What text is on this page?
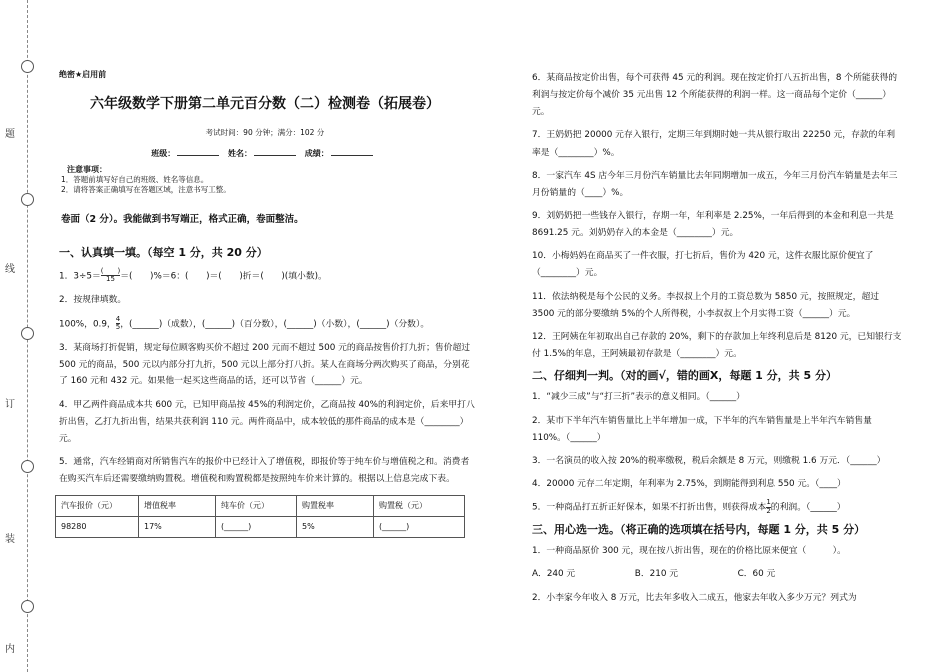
题
线
订
装
内
绝密★启用前
六年级数学下册第二单元百分数（二）检测卷（拓展卷）
考试时间：90 分钟；满分：102 分
班级：	姓名：	成绩：
注意事项：
1．答题前填写好自己的班级、姓名等信息。
2．请将答案正确填写在答题区域，注意书写工整。
卷面（2 分）。我能做到书写端正，格式正确，卷面整洁。
一、认真填一填。（每空 1 分，共 20 分）
1．$3\div 5= \frac{( )}{15}$ ＝(　　)%＝6：(　　)＝(　　)折＝(　　)(填小数)。
2．按规律填数。
100%，0.9， $\frac{4}{5}$ ，(______)（成数），(______)（百分数），(______)（小数），(______)（分数）。
3．某商场打折促销，规定每位顾客购买价不超过 200 元而不超过 500 元的商品按售价打九折；售价超过 500 元的商品，500 元以内部分打九折，500 元以上部分打八折。某人在商场分两次购买了商品，分别花了 160 元和 432 元。如果他一起买这些商品的话，还可以节省（______）元。
4．甲乙两件商品成本共 600 元，已知甲商品按 45%的利润定价，乙商品按 40%的利润定价，后来甲打八折出售，乙打九折出售，结果共获利润 110 元。两件商品中，成本较低的那件商品的成本是（________）元。
5．通常，汽车经销商对所销售汽车的报价中已经计入了增值税，即报价等于纯车价与增值税之和。消费者在购买汽车后还需要缴纳购置税。增值税和购置税都是按照纯车价来计算的。根据以上信息完成下表。
汽车报价（元）	增值税率	纯车价（元）	购置税率	购置税（元）
98280	17%	(______)	5%	(______)
6．某商品按定价出售，每个可获得 45 元的利润。现在按定价打八五折出售，8 个所能获得的利润与按定价每个减价 35 元出售 12 个所能获得的利润一样。这一商品每个定价（______）元。
7．王奶奶把 20000 元存入银行，定期三年到期时她一共从银行取出 22250 元，存款的年利率是（________）%。
8．一家汽车 4S 店今年三月份汽车销量比去年同期增加一成五，今年三月份汽车销量是去年三月份销量的（____）%。
9．刘奶奶把一些钱存入银行，存期一年，年利率是 2.25%，一年后得到的本金和利息一共是 8691.25 元。刘奶奶存入的本金是（________）元。
10．小梅妈妈在商品买了一件衣服，打七折后，售价为 420 元，这件衣服比原价便宜了（________）元。
11．依法纳税是每个公民的义务。李叔叔上个月的工资总数为 5850 元，按照规定，超过 3500 元的部分要缴纳 5%的个人所得税，小李叔叔上个月实得工资（______）元。
12．王阿姨在年初取出自己存款的 20%，剩下的存款加上年终利息后是 8120 元，已知银行支付 1.5%的年息，王阿姨最初存款是（________）元。
二、仔细判一判。（对的画√，错的画Ⅹ，每题 1 分，共 5 分）
1．“减少三成”与“打三折”表示的意义相同。（______）
2．某市下半年汽车销售量比上半年增加一成，下半年的汽车销售量是上半年汽车销售量 110%。（______）
3．一名演员的收入按 20%的税率缴税，税后余额是 8 万元，则缴税 1.6 万元．（______）
4．20000 元存二年定期，年利率为 2.75%，到期能得到利息 550 元。（____）
5．一种商品打五折正好保本，如果不打折出售，则获得成本 $\frac{1}{2}$ 的利润。（______）
三、用心选一选。（将正确的选项填在括号内，每题 1 分，共 5 分）
1．一种商品原价 300 元，现在按八折出售，现在的价格比原来便宜（　　　）。
A．240 元	B．210 元	C．60 元
2．小李家今年收入 8 万元，比去年多收入二成五，他家去年收入多少万元？列式为
